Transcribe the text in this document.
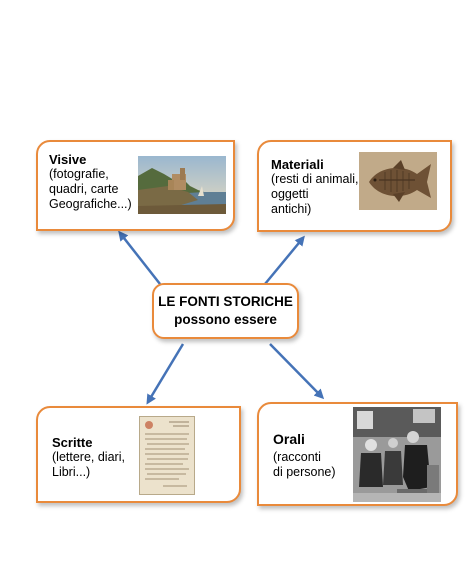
LE FONTI STORICHE
possono essere
Visive
(fotografie,
quadri, carte
Geografiche...)
Materiali
(resti di animali,
oggetti
antichi)
Scritte
(lettere, diari,
Libri...)
Orali
(racconti
di persone)
